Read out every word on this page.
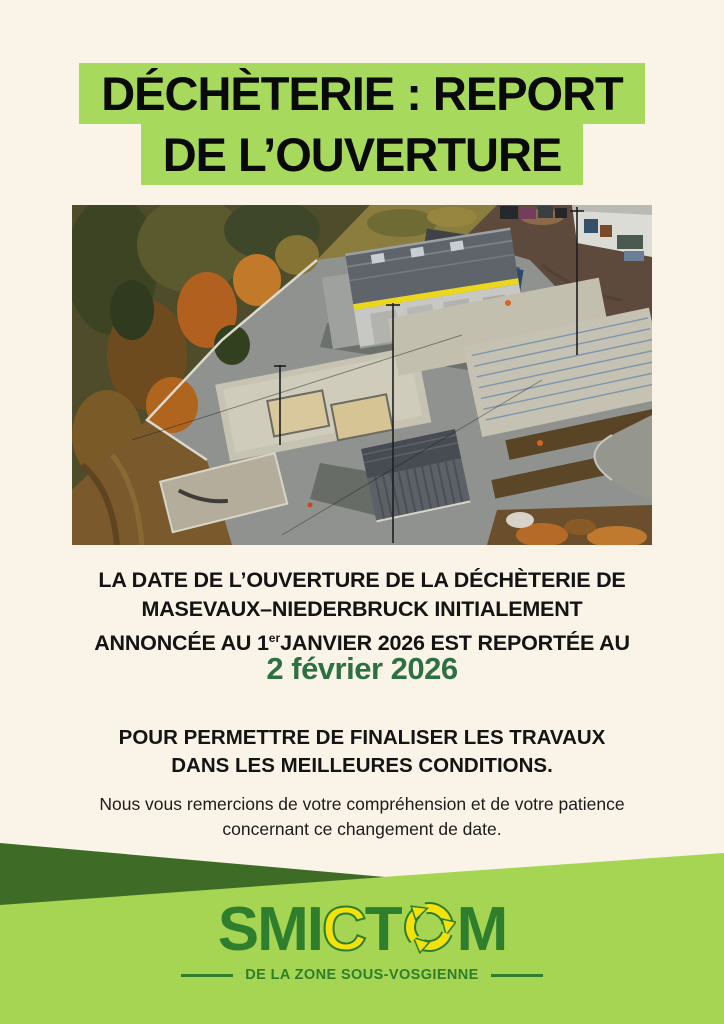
DÉCHÈTERIE : REPORT
DE L’OUVERTURE
LA DATE DE L’OUVERTURE DE LA DÉCHÈTERIE DE
MASEVAUX–NIEDERBRUCK INITIALEMENT
ANNONCÉE AU 1erJANVIER 2026 EST REPORTÉE AU
2 février 2026
POUR PERMETTRE DE FINALISER LES TRAVAUX
DANS LES MEILLEURES CONDITIONS.
Nous vous remercions de votre compréhension et de votre patience
concernant ce changement de date.
SMICT M
DE LA ZONE SOUS-VOSGIENNE
